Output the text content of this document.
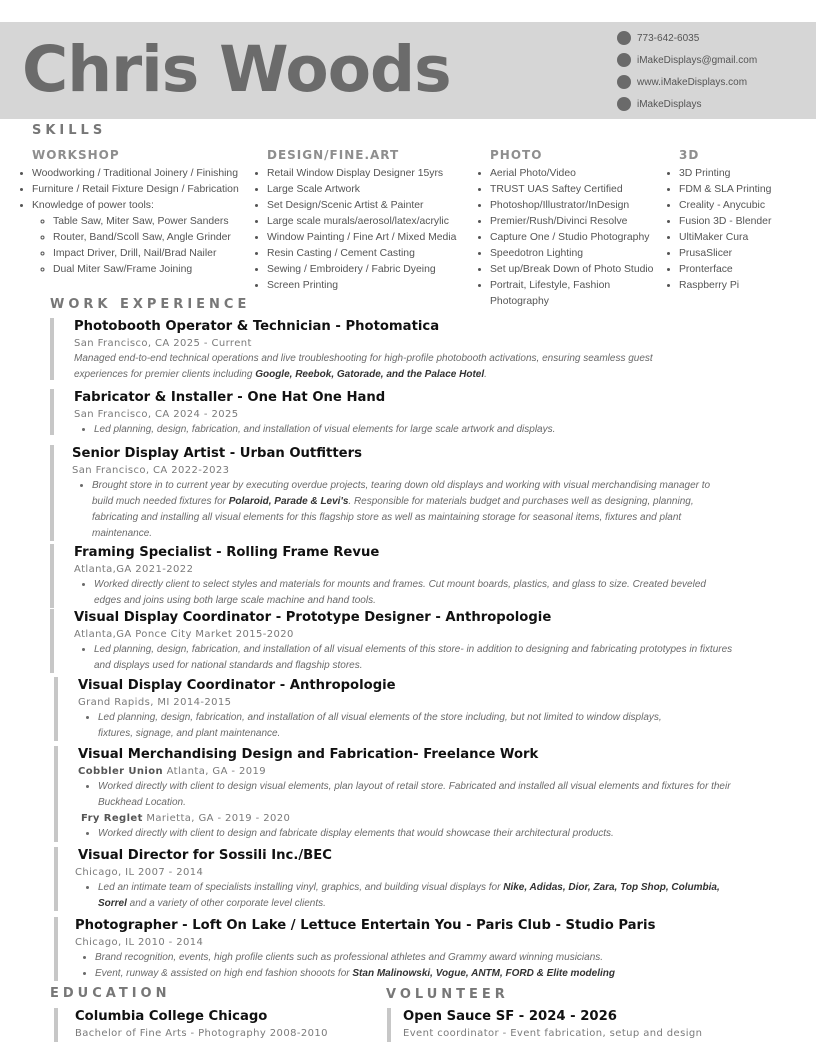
Chris Woods	773-642-6035
iMakeDisplays@gmail.com
www.iMakeDisplays.com
iMakeDisplays
SKILLS
WORKSHOP
• Woodworking / Traditional Joinery / Finishing
• Furniture / Retail Fixture Design / Fabrication
• Knowledge of power tools:
◦ Table Saw, Miter Saw, Power Sanders
◦ Router, Band/Scoll Saw, Angle Grinder
◦ Impact Driver, Drill, Nail/Brad Nailer
◦ Dual Miter Saw/Frame Joining
DESIGN/FINE.ART
• Retail Window Display Designer 15yrs
• Large Scale Artwork
• Set Design/Scenic Artist & Painter
• Large scale murals/aerosol/latex/acrylic
• Window Painting / Fine Art / Mixed Media
• Resin Casting / Cement Casting
• Sewing / Embroidery / Fabric Dyeing
• Screen Printing
PHOTO
• Aerial Photo/Video
• TRUST UAS Saftey Certified
• Photoshop/Illustrator/InDesign
• Premier/Rush/Divinci Resolve
• Capture One / Studio Photography
• Speedotron Lighting
• Set up/Break Down of Photo Studio
• Portrait, Lifestyle, Fashion Photography
3D
• 3D Printing
• FDM & SLA Printing
• Creality - Anycubic
• Fusion 3D - Blender
• UltiMaker Cura
• PrusaSlicer
• Pronterface
• Raspberry Pi
WORK EXPERIENCE

Photobooth Operator & Technician - Photomatica

San Francisco, CA 2025 - Current

Managed end-to-end technical operations and live troubleshooting for high-profile photobooth activations, ensuring seamless guest experiences for premier clients including Google, Reebok, Gatorade, and the Palace Hotel.

Fabricator & Installer - One Hat One Hand

San Francisco, CA 2024 - 2025

• Led planning, design, fabrication, and installation of visual elements for large scale artwork and displays.

Senior Display Artist - Urban Outfitters

San Francisco, CA 2022-2023

• Brought store in to current year by executing overdue projects, tearing down old displays and working with visual merchandising manager to build much needed fixtures for Polaroid, Parade & Levi's. Responsible for materials budget and purchases well as designing, planning, fabricating and installing all visual elements for this flagship store as well as maintaining storage for seasonal items, fixtures and plant maintenance.

Framing Specialist - Rolling Frame Revue

Atlanta,GA 2021-2022

• Worked directly client to select styles and materials for mounts and frames. Cut mount boards, plastics, and glass to size. Created beveled edges and joins using both large scale machine and hand tools.

Visual Display Coordinator - Prototype Designer - Anthropologie

Atlanta,GA Ponce City Market 2015-2020

• Led planning, design, fabrication, and installation of all visual elements of this store- in addition to designing and fabricating prototypes in fixtures and displays used for national standards and flagship stores.

Visual Display Coordinator - Anthropologie

Grand Rapids, MI 2014-2015

• Led planning, design, fabrication, and installation of all visual elements of the store including, but not limited to window displays, fixtures, signage, and plant maintenance.

Visual Merchandising Design and Fabrication- Freelance Work

Cobbler Union Atlanta, GA - 2019

• Worked directly with client to design visual elements, plan layout of retail store. Fabricated and installed all visual elements and fixtures for their Buckhead Location.

Fry Reglet Marietta, GA - 2019 - 2020

• Worked directly with client to design and fabricate display elements that would showcase their architectural products.

Visual Director for Sossili Inc./BEC

Chicago, IL 2007 - 2014

• Led an intimate team of specialists installing vinyl, graphics, and building visual displays for Nike, Adidas, Dior, Zara, Top Shop, Columbia, Sorrel and a variety of other corporate level clients.

Photographer - Loft On Lake / Lettuce Entertain You - Paris Club - Studio Paris

Chicago, IL 2010 - 2014

• Brand recognition, events, high profile clients such as professional athletes and Grammy award winning musicians.
• Event, runway & assisted on high end fashion shooots for Stan Malinowski, Vogue, ANTM, FORD & Elite modeling
EDUCATION

Columbia College Chicago

Bachelor of Fine Arts - Photography 2008-2010

VOLUNTEER

Open Sauce SF - 2024 - 2026

Event coordinator - Event fabrication, setup and design
